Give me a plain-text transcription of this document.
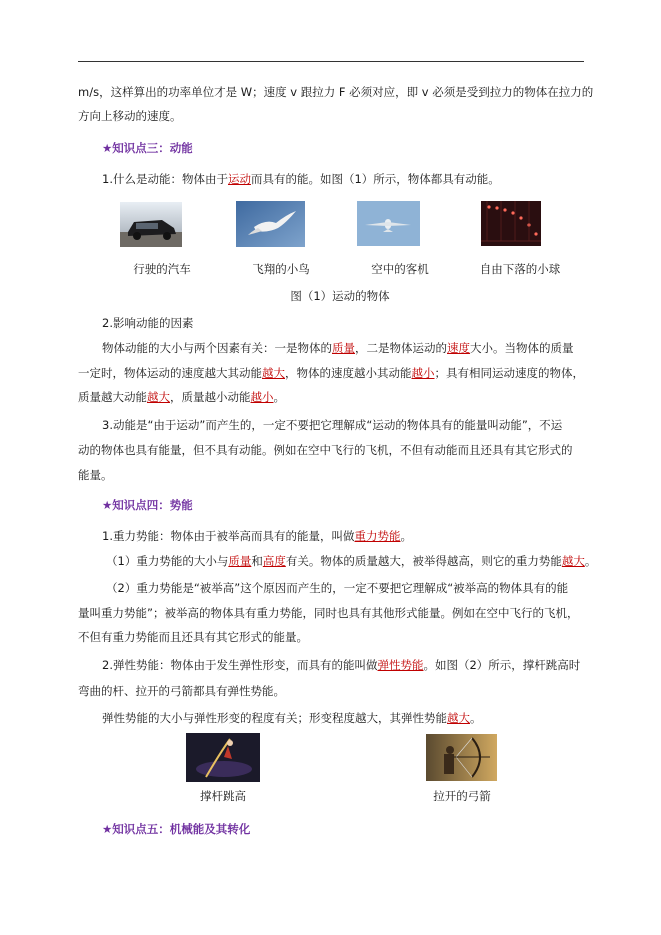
m/s，这样算出的功率单位才是 W；速度 v 跟拉力 F 必须对应，即 v 必须是受到拉力的物体在拉力的
方向上移动的速度。
★知识点三：动能
1.什么是动能：物体由于运动而具有的能。如图（1）所示，物体都具有动能。
行驶的汽车	飞翔的小鸟	空中的客机	自由下落的小球
图（1）运动的物体
2.影响动能的因素
物体动能的大小与两个因素有关：一是物体的质量，二是物体运动的速度大小。当物体的质量
一定时，物体运动的速度越大其动能越大，物体的速度越小其动能越小；具有相同运动速度的物体，
质量越大动能越大，质量越小动能越小。
3.动能是“由于运动”而产生的，一定不要把它理解成“运动的物体具有的能量叫动能”，不运
动的物体也具有能量，但不具有动能。例如在空中飞行的飞机，不但有动能而且还具有其它形式的
能量。
★知识点四：势能
1.重力势能：物体由于被举高而具有的能量，叫做重力势能。
（1）重力势能的大小与质量和高度有关。物体的质量越大，被举得越高，则它的重力势能越大。
（2）重力势能是“被举高”这个原因而产生的，一定不要把它理解成“被举高的物体具有的能
量叫重力势能”；被举高的物体具有重力势能，同时也具有其他形式能量。例如在空中飞行的飞机，
不但有重力势能而且还具有其它形式的能量。
2.弹性势能：物体由于发生弹性形变，而具有的能叫做弹性势能。如图（2）所示，撑杆跳高时
弯曲的杆、拉开的弓箭都具有弹性势能。
弹性势能的大小与弹性形变的程度有关；形变程度越大，其弹性势能越大。
撑杆跳高	拉开的弓箭
★知识点五：机械能及其转化
